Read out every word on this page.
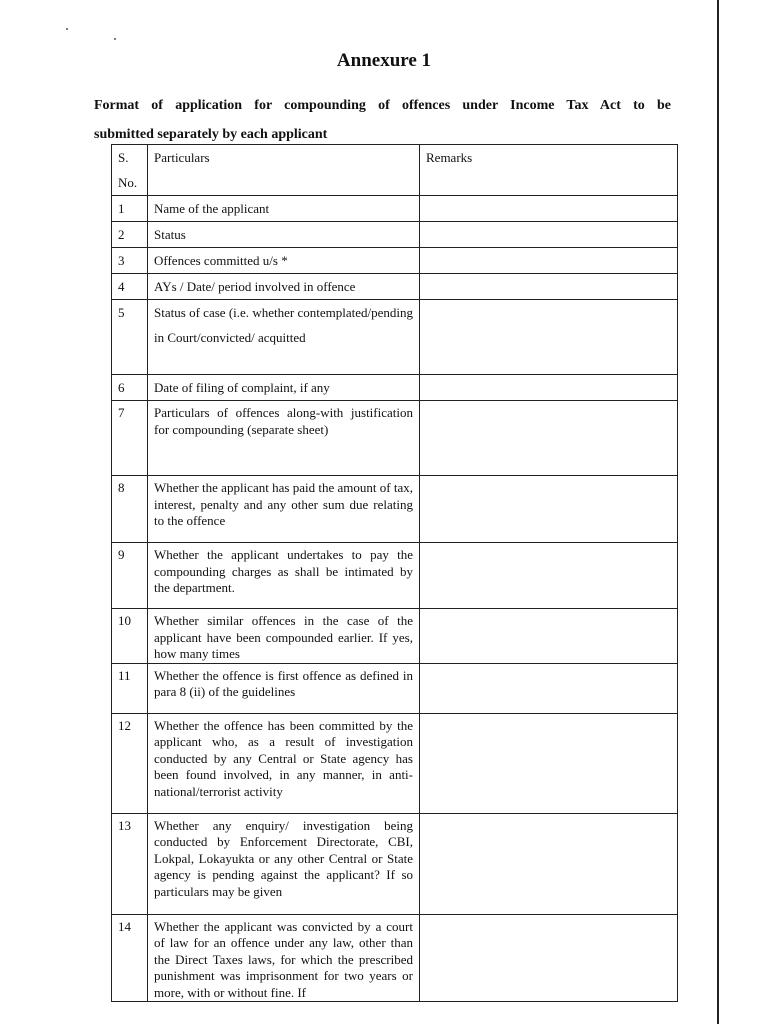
Annexure 1
Format of application for compounding of offences under Income Tax Act to be
submitted separately by each applicant
S. No.	Particulars	Remarks
1	Name of the applicant	
2	Status	
3	Offences committed u/s *	
4	AYs / Date/ period involved in offence	
5	Status of case (i.e. whether contemplated/pending in Court/convicted/ acquitted	
6	Date of filing of complaint, if any	
7	Particulars of offences along-with justification for compounding (separate sheet)	
8	Whether the applicant has paid the amount of tax, interest, penalty and any other sum due relating to the offence	
9	Whether the applicant undertakes to pay the compounding charges as shall be intimated by the department.	
10	Whether similar offences in the case of the applicant have been compounded earlier. If yes, how many times	
11	Whether the offence is first offence as defined in para 8 (ii) of the guidelines	
12	Whether the offence has been committed by the applicant who, as a result of investigation conducted by any Central or State agency has been found involved, in any manner, in anti-national/terrorist activity	
13	Whether any enquiry/ investigation being conducted by Enforcement Directorate, CBI, Lokpal, Lokayukta or any other Central or State agency is pending against the applicant? If so particulars may be given	
14	Whether the applicant was convicted by a court of law for an offence under any law, other than the Direct Taxes laws, for which the prescribed punishment was imprisonment for two years or more, with or without fine. If	
